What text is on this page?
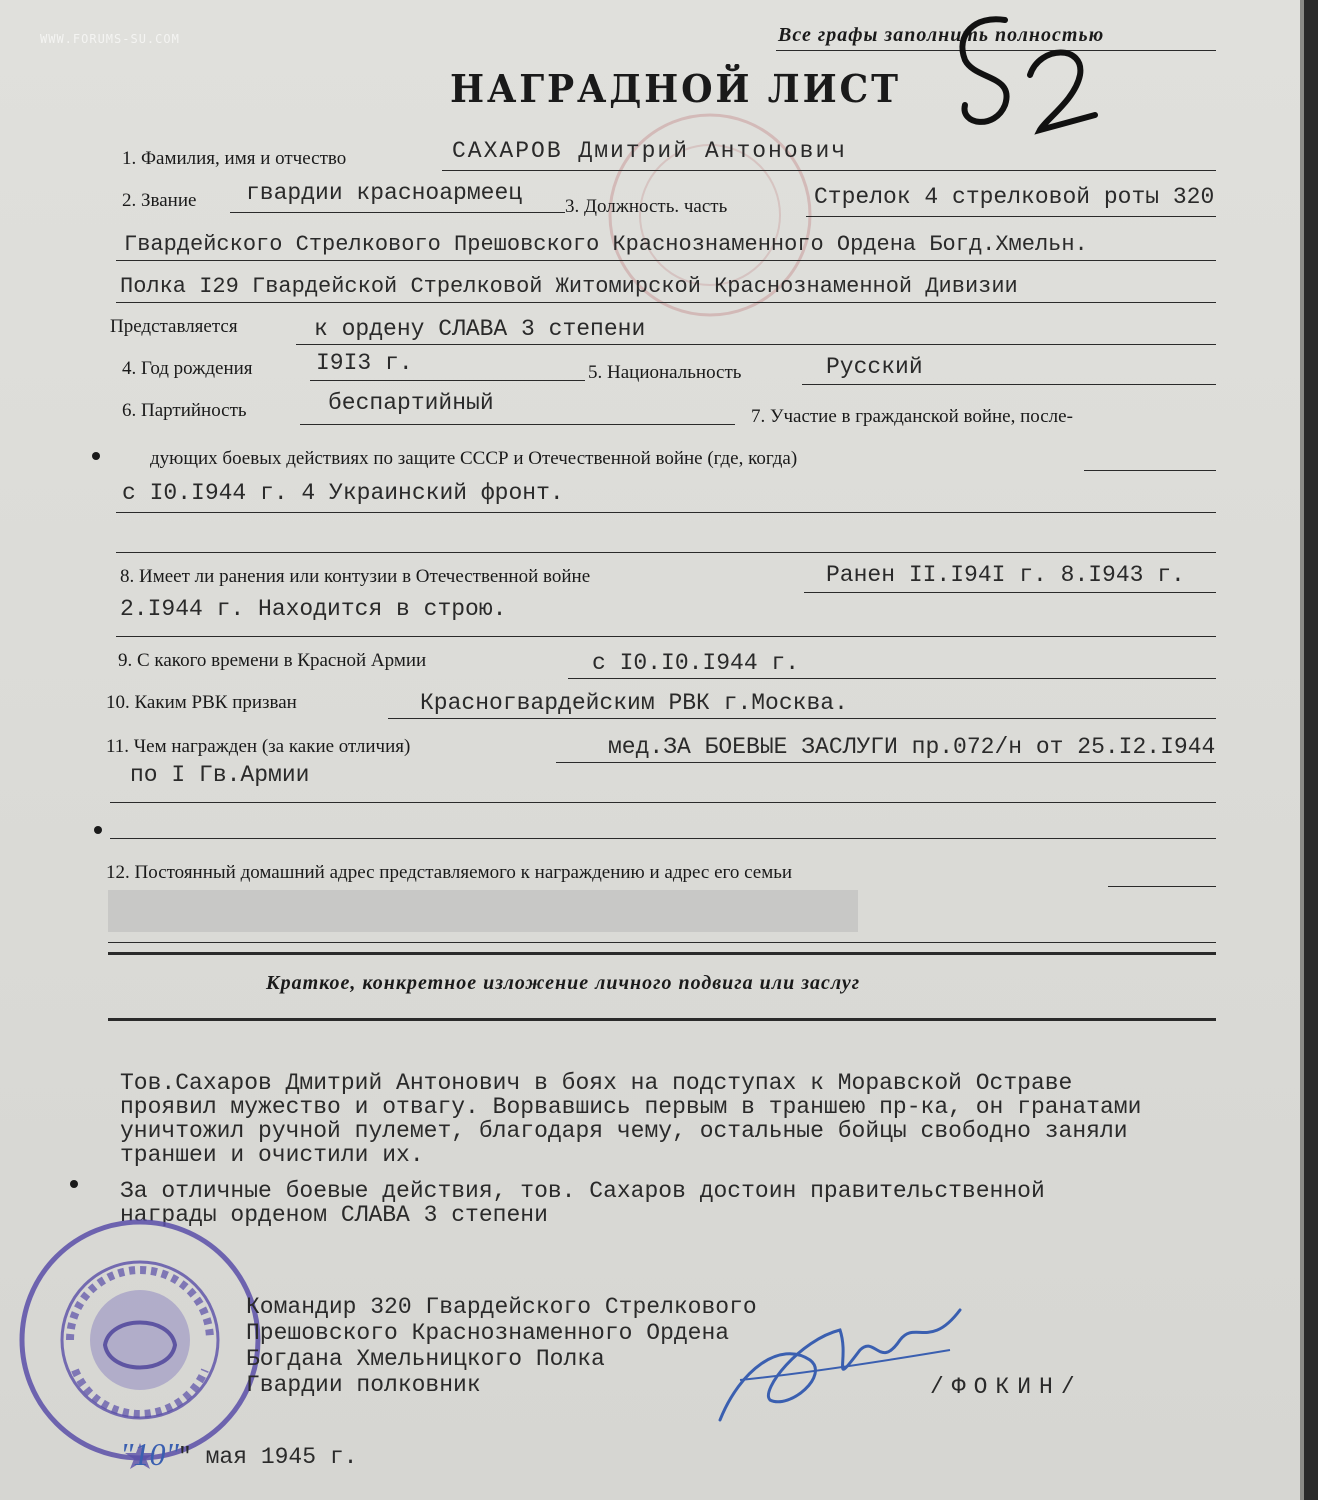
WWW.FORUMS-SU.COM	Все графы заполнить полностью
НАГРАДНОЙ ЛИСТ
1. Фамилия, имя и отчество	САХАРОВ Дмитрий Антонович
2. Звание гвардии красноармеец
3. Должность. часть	Стрелок 4 стрелковой роты 320
Гвардейского Стрелкового Прешовского Краснознаменного Ордена Богд.Хмельн.
Полка I29 Гвардейской Стрелковой Житомирской Краснознаменной Дивизии
Представляется	к ордену СЛАВА 3 степени
4. Год рождения	I9I3 г.	5. Национальность	Русский
6. Партийность	беспартийный
7. Участие в гражданской войне, после-
дующих боевых действиях по защите СССР и Отечественной войне (где, когда)
с I0.I944 г. 4 Украинский фронт.
8. Имеет ли ранения или контузии в Отечественной войне	Ранен II.I94I г. 8.I943 г.
2.I944 г. Находится в строю.
9. С какого времени в Красной Армии	с I0.I0.I944 г.
10. Каким РВК призван	Красногвардейским РВК г.Москва.
11. Чем награжден (за какие отличия)	мед.ЗА БОЕВЫЕ ЗАСЛУГИ пр.072/н от 25.I2.I944
по I Гв.Армии
12. Постоянный домашний адрес представляемого к награждению и адрес его семьи
Краткое, конкретное изложение личного подвига или заслуг
Тов.Сахаров Дмитрий Антонович в боях на подступах к Моравской Остраве
проявил мужество и отвагу. Ворвавшись первым в траншею пр-ка, он гранатами
уничтожил ручной пулемет, благодаря чему, остальные бойцы свободно заняли
траншеи и очистили их.
За отличные боевые действия, тов. Сахаров достоин правительственной
награды орденом СЛАВА 3 степени
Командир 320 Гвардейского Стрелкового
Прешовского Краснознаменного Ордена
Богдана Хмельницкого Полка
Гвардии полковник	/ФОКИН/
"10" " мая 1945 г.
